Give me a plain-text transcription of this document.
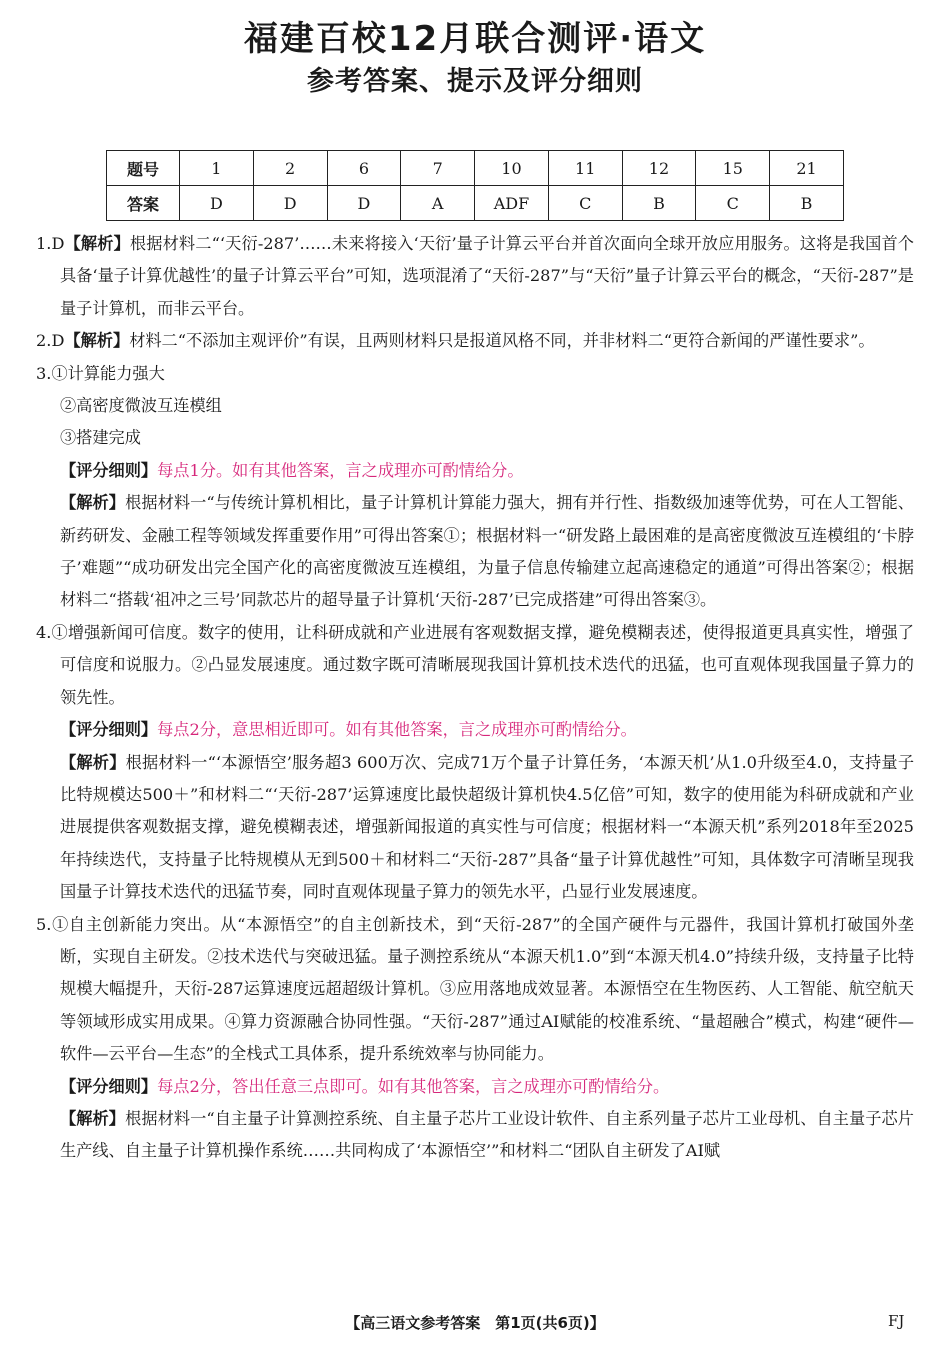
福建百校12月联合测评·语文
参考答案、提示及评分细则
题号	1	2	6	7	10	11	12	15	21
答案	D	D	D	A	ADF	C	B	C	B

1.D【解析】根据材料二“‘天衍-287’……未来将接入‘天衍’量子计算云平台并首次面向全球开放应用服务。这将是我国首个具备‘量子计算优越性’的量子计算云平台”可知，选项混淆了“天衍-287”与“天衍”量子计算云平台的概念，“天衍-287”是量子计算机，而非云平台。

2.D【解析】材料二“不添加主观评价”有误，且两则材料只是报道风格不同，并非材料二“更符合新闻的严谨性要求”。

3.①计算能力强大

②高密度微波互连模组

③搭建完成

【评分细则】每点1分。如有其他答案，言之成理亦可酌情给分。

【解析】根据材料一“与传统计算机相比，量子计算机计算能力强大，拥有并行性、指数级加速等优势，可在人工智能、新药研发、金融工程等领域发挥重要作用”可得出答案①；根据材料一“研发路上最困难的是高密度微波互连模组的‘卡脖子’难题”“成功研发出完全国产化的高密度微波互连模组，为量子信息传输建立起高速稳定的通道”可得出答案②；根据材料二“搭载‘祖冲之三号’同款芯片的超导量子计算机‘天衍-287’已完成搭建”可得出答案③。

4.①增强新闻可信度。数字的使用，让科研成就和产业进展有客观数据支撑，避免模糊表述，使得报道更具真实性，增强了可信度和说服力。②凸显发展速度。通过数字既可清晰展现我国计算机技术迭代的迅猛，也可直观体现我国量子算力的领先性。

【评分细则】每点2分，意思相近即可。如有其他答案，言之成理亦可酌情给分。

【解析】根据材料一“‘本源悟空’服务超3 600万次、完成71万个量子计算任务，‘本源天机’从1.0升级至4.0，支持量子比特规模达500＋”和材料二“‘天衍-287’运算速度比最快超级计算机快4.5亿倍”可知，数字的使用能为科研成就和产业进展提供客观数据支撑，避免模糊表述，增强新闻报道的真实性与可信度；根据材料一“本源天机”系列2018年至2025年持续迭代，支持量子比特规模从无到500＋和材料二“天衍-287”具备“量子计算优越性”可知，具体数字可清晰呈现我国量子计算技术迭代的迅猛节奏，同时直观体现量子算力的领先水平，凸显行业发展速度。

5.①自主创新能力突出。从“本源悟空”的自主创新技术，到“天衍-287”的全国产硬件与元器件，我国计算机打破国外垄断，实现自主研发。②技术迭代与突破迅猛。量子测控系统从“本源天机1.0”到“本源天机4.0”持续升级，支持量子比特规模大幅提升，天衍-287运算速度远超超级计算机。③应用落地成效显著。本源悟空在生物医药、人工智能、航空航天等领域形成实用成果。④算力资源融合协同性强。“天衍-287”通过AI赋能的校准系统、“量超融合”模式，构建“硬件—软件—云平台—生态”的全栈式工具体系，提升系统效率与协同能力。

【评分细则】每点2分，答出任意三点即可。如有其他答案，言之成理亦可酌情给分。

【解析】根据材料一“自主量子计算测控系统、自主量子芯片工业设计软件、自主系列量子芯片工业母机、自主量子芯片生产线、自主量子计算机操作系统……共同构成了‘本源悟空’”和材料二“团队自主研发了AI赋

【高三语文参考答案　第1页(共6页)】	FJ
